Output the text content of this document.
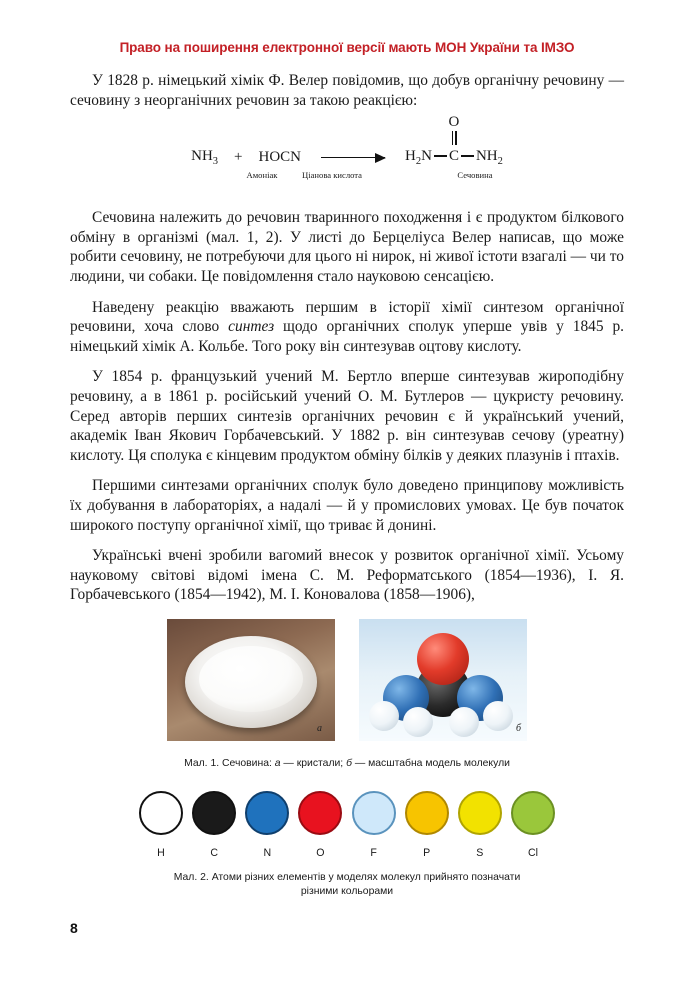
Право на поширення електронної версії мають МОН України та ІМЗО

У 1828 р. німецький хімік Ф. Велер повідомив, що добув органічну речовину — сечовину з неорганічних речовин за такою реакцією:

$NH_3$ + HOCN
O
$H_2N$ C $NH_2$
Амоніак	Ціанова кислота	Сечовина

Сечовина належить до речовин тваринного походження і є продуктом білкового обміну в організмі (мал. 1, 2). У листі до Берцеліуса Велер написав, що може робити сечовину, не потребуючи для цього ні нирок, ні живої істоти взагалі — чи то людини, чи собаки. Це повідомлення стало науковою сенсацією.

Наведену реакцію вважають першим в історії хімії синтезом органічної речовини, хоча слово синтез щодо органічних сполук уперше увів у 1845 р. німецький хімік А. Кольбе. Того року він синтезував оцтову кислоту.

У 1854 р. французький учений М. Бертло вперше синтезував жироподібну речовину, а в 1861 р. російський учений О. М. Бутлеров — цукристу речовину. Серед авторів перших синтезів органічних речовин є й український учений, академік Іван Якович Горбачевський. У 1882 р. він синтезував сечову (уреатну) кислоту. Ця сполука є кінцевим продуктом обміну білків у деяких плазунів і птахів.

Першими синтезами органічних сполук було доведено принципову можливість їх добування в лабораторіях, а надалі — й у промислових умовах. Це був початок широкого поступу органічної хімії, що триває й донині.

Українські вчені зробили вагомий внесок у розвиток органічної хімії. Усьому науковому світові відомі імена С. М. Реформатського (1854—1936), І. Я. Горбачевського (1854—1942), М. І. Коновалова (1858—1906),

а	б
Мал. 1. Сечовина: а — кристали; б — масштабна модель молекули
H	C	N	O	F	P	S	Cl
Мал. 2. Атоми різних елементів у моделях молекул прийнято позначати
різними кольорами
8
